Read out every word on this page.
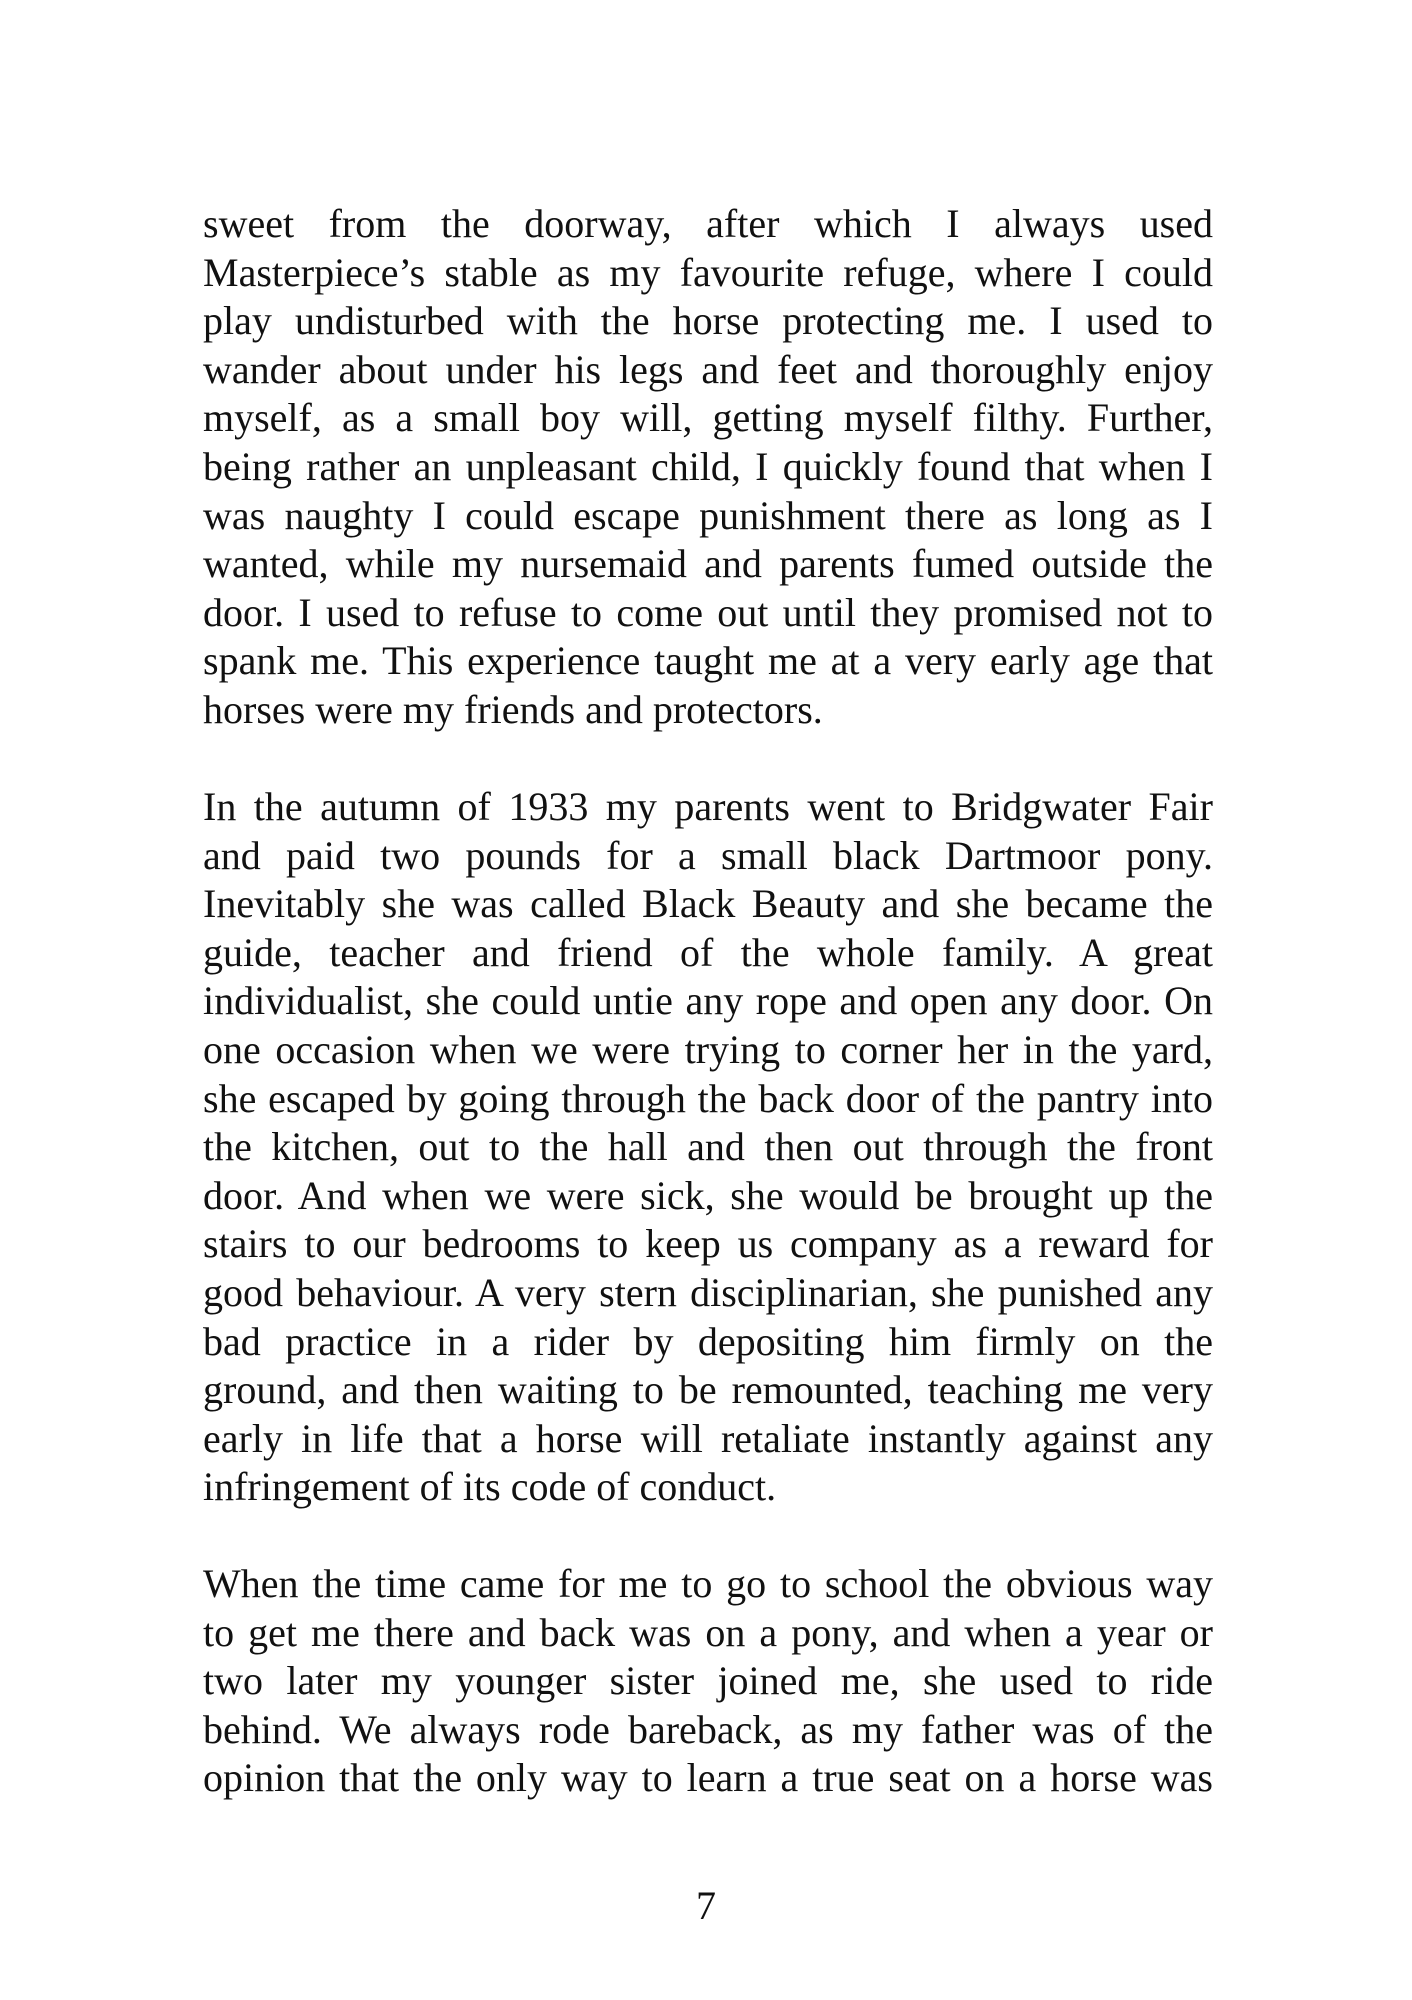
sweet from the doorway, after which I always used
Masterpiece’s stable as my favourite refuge, where I could
play undisturbed with the horse protecting me. I used to
wander about under his legs and feet and thoroughly enjoy
myself, as a small boy will, getting myself filthy. Further,
being rather an unpleasant child, I quickly found that when I
was naughty I could escape punishment there as long as I
wanted, while my nursemaid and parents fumed outside the
door. I used to refuse to come out until they promised not to
spank me. This experience taught me at a very early age that
horses were my friends and protectors.
In the autumn of 1933 my parents went to Bridgwater Fair
and paid two pounds for a small black Dartmoor pony.
Inevitably she was called Black Beauty and she became the
guide, teacher and friend of the whole family. A great
individualist, she could untie any rope and open any door. On
one occasion when we were trying to corner her in the yard,
she escaped by going through the back door of the pantry into
the kitchen, out to the hall and then out through the front
door. And when we were sick, she would be brought up the
stairs to our bedrooms to keep us company as a reward for
good behaviour. A very stern disciplinarian, she punished any
bad practice in a rider by depositing him firmly on the
ground, and then waiting to be remounted, teaching me very
early in life that a horse will retaliate instantly against any
infringement of its code of conduct.
When the time came for me to go to school the obvious way
to get me there and back was on a pony, and when a year or
two later my younger sister joined me, she used to ride
behind. We always rode bareback, as my father was of the
opinion that the only way to learn a true seat on a horse was
7
